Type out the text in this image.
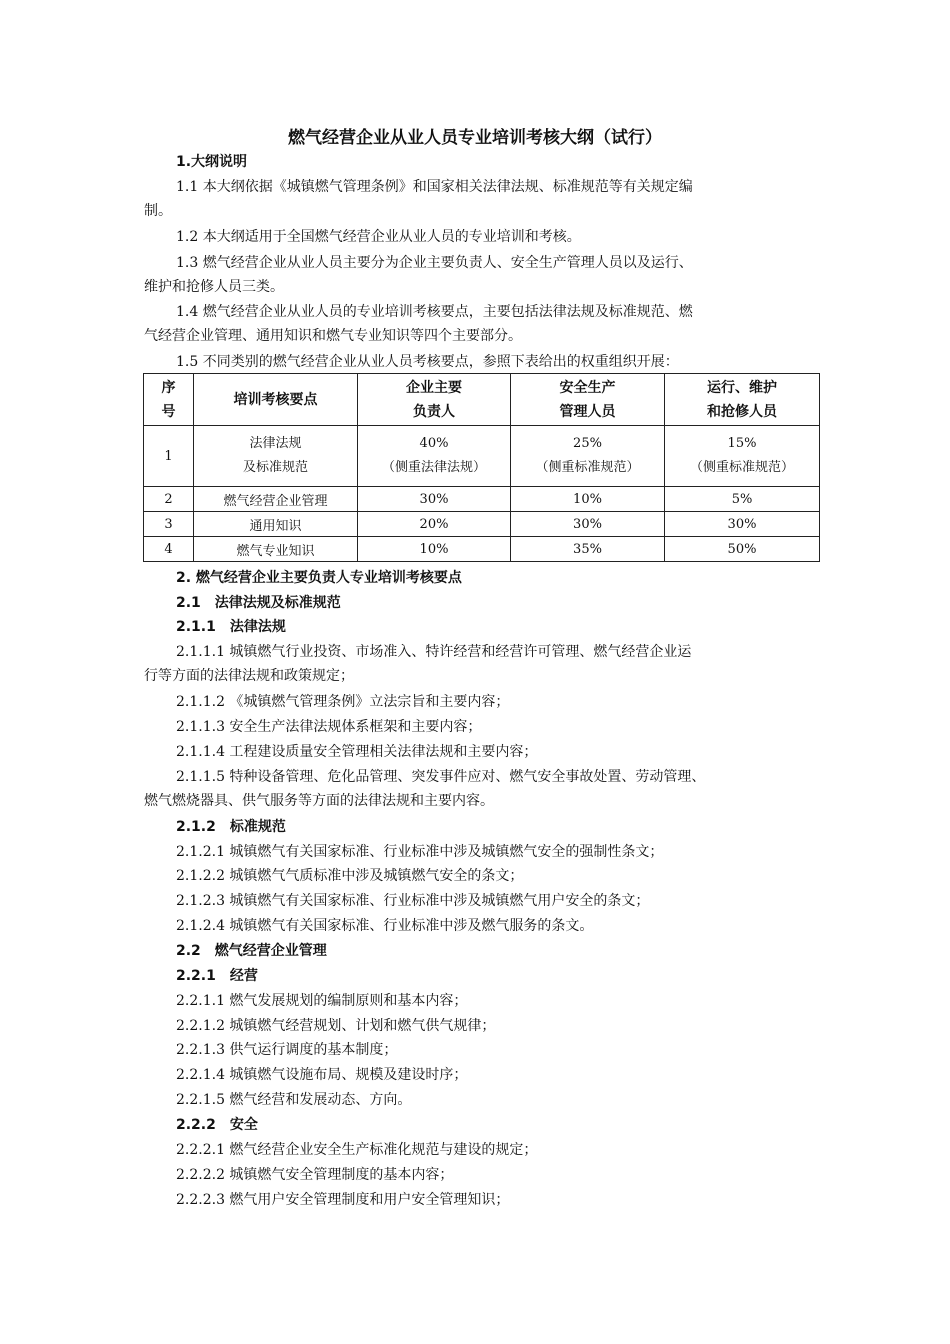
燃气经营企业从业人员专业培训考核大纲（试行）

1.大纲说明

1.1 本大纲依据《城镇燃气管理条例》和国家相关法律法规、标准规范等有关规定编

制。

1.2 本大纲适用于全国燃气经营企业从业人员的专业培训和考核。

1.3 燃气经营企业从业人员主要分为企业主要负责人、安全生产管理人员以及运行、

维护和抢修人员三类。

1.4 燃气经营企业从业人员的专业培训考核要点，主要包括法律法规及标准规范、燃

气经营企业管理、通用知识和燃气专业知识等四个主要部分。

1.5 不同类别的燃气经营企业从业人员考核要点，参照下表给出的权重组织开展：

序
号	培训考核要点	企业主要
负责人	安全生产
管理人员	运行、维护
和抢修人员

1	法律法规
及标准规范	40%
（侧重法律法规）	25%
（侧重标准规范）	15%
（侧重标准规范）

2	燃气经营企业管理	30%	10%	5%
3	通用知识	20%	30%	30%
4	燃气专业知识	10%	35%	50%

2. 燃气经营企业主要负责人专业培训考核要点

2.1　法律法规及标准规范

2.1.1　法律法规

2.1.1.1 城镇燃气行业投资、市场准入、特许经营和经营许可管理、燃气经营企业运

行等方面的法律法规和政策规定；

2.1.1.2 《城镇燃气管理条例》立法宗旨和主要内容；

2.1.1.3 安全生产法律法规体系框架和主要内容；

2.1.1.4 工程建设质量安全管理相关法律法规和主要内容；

2.1.1.5 特种设备管理、危化品管理、突发事件应对、燃气安全事故处置、劳动管理、

燃气燃烧器具、供气服务等方面的法律法规和主要内容。

2.1.2　标准规范

2.1.2.1 城镇燃气有关国家标准、行业标准中涉及城镇燃气安全的强制性条文；

2.1.2.2 城镇燃气气质标准中涉及城镇燃气安全的条文；

2.1.2.3 城镇燃气有关国家标准、行业标准中涉及城镇燃气用户安全的条文；

2.1.2.4 城镇燃气有关国家标准、行业标准中涉及燃气服务的条文。

2.2　燃气经营企业管理

2.2.1　经营

2.2.1.1 燃气发展规划的编制原则和基本内容；

2.2.1.2 城镇燃气经营规划、计划和燃气供气规律；

2.2.1.3 供气运行调度的基本制度；

2.2.1.4 城镇燃气设施布局、规模及建设时序；

2.2.1.5 燃气经营和发展动态、方向。

2.2.2　安全

2.2.2.1 燃气经营企业安全生产标准化规范与建设的规定；

2.2.2.2 城镇燃气安全管理制度的基本内容；

2.2.2.3 燃气用户安全管理制度和用户安全管理知识；
